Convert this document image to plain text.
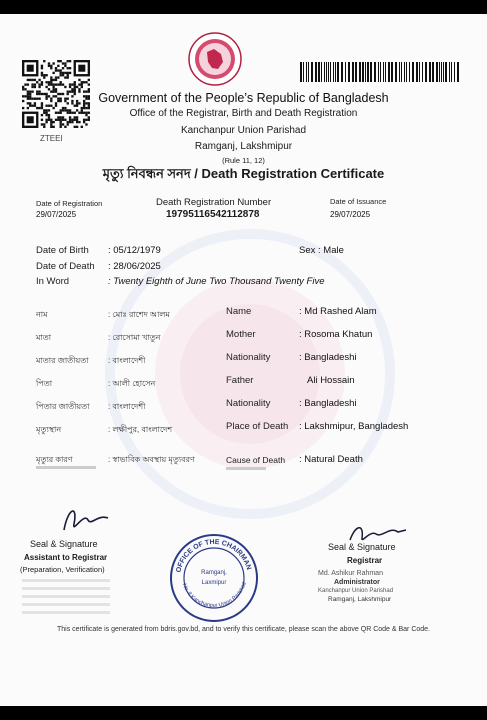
ZTEEI
Government of the People’s Republic of Bangladesh
Office of the Registrar, Birth and Death Registration
Kanchanpur Union Parishad
Ramganj, Lakshmipur
(Rule 11, 12)
মৃত্যু নিবন্ধন সনদ / Death Registration Certificate
Date of Registration
29/07/2025
Death Registration Number
19795116542112878
Date of Issuance
29/07/2025
Date of Birth : 05/12/1979	Sex : Male
Date of Death : 28/06/2025
In Word	: Twenty Eighth of June Two Thousand Twenty Five
নাম	: মোঃ রাশেদ আলম	Name	: Md Rashed Alam
মাতা	: রোসোমা খাতুন	Mother	: Rosoma Khatun
মাতার জাতীয়তা : বাংলাদেশী	Nationality	: Bangladeshi
পিতা	: আলী হোসেন	Father	Ali Hossain
পিতার জাতীয়তা : বাংলাদেশী	Nationality	: Bangladeshi
মৃত্যুস্থান	: লক্ষীপুর, বাংলাদেশ	Place of Death : Lakshmipur, Bangladesh
মৃত্যুর কারণ	: স্বাভাবিক অবস্থায় মৃত্যুবরণ	Cause of Death : Natural Death
Seal & Signature
Assistant to Registrar
(Preparation, Verification)	OFFICE OF THE CHAIRMAN
No. 8 Kanchanpur Union Parishad
Ramganj,
Laxmipur
Seal & Signature
Registrar
Md. Ashikur Rahman
Administrator
Kanchanpur Union Parishad
Ramganj, Lakshmipur
This certificate is generated from bdris.gov.bd, and to verify this certificate, please scan the above QR Code & Bar Code.
